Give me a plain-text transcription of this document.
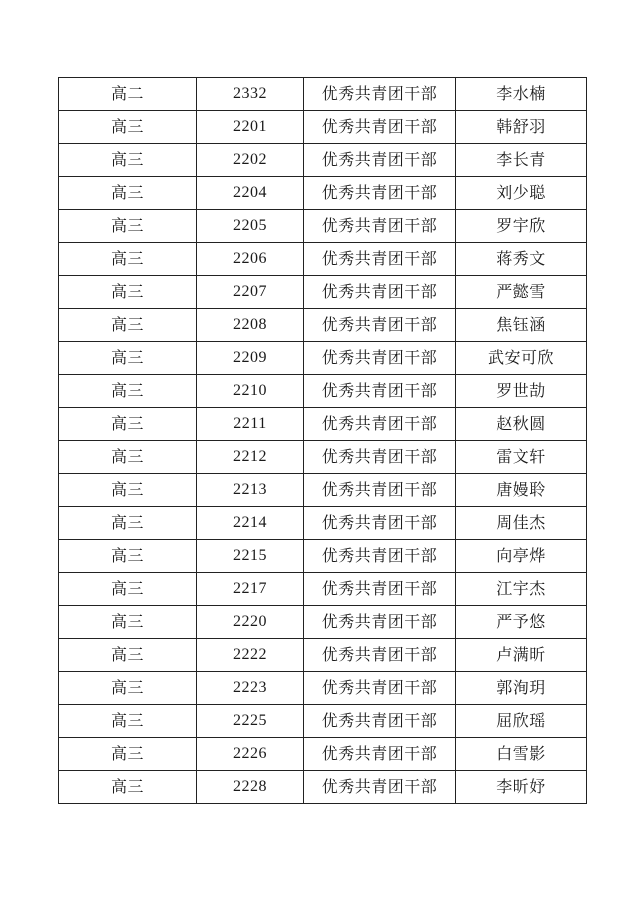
高二	2332	优秀共青团干部	李水楠
高三	2201	优秀共青团干部	韩舒羽
高三	2202	优秀共青团干部	李长青
高三	2204	优秀共青团干部	刘少聪
高三	2205	优秀共青团干部	罗宇欣
高三	2206	优秀共青团干部	蒋秀文
高三	2207	优秀共青团干部	严懿雪
高三	2208	优秀共青团干部	焦钰涵
高三	2209	优秀共青团干部	武安可欣
高三	2210	优秀共青团干部	罗世劼
高三	2211	优秀共青团干部	赵秋圆
高三	2212	优秀共青团干部	雷文轩
高三	2213	优秀共青团干部	唐嫚聆
高三	2214	优秀共青团干部	周佳杰
高三	2215	优秀共青团干部	向亭烨
高三	2217	优秀共青团干部	江宇杰
高三	2220	优秀共青团干部	严予悠
高三	2222	优秀共青团干部	卢满昕
高三	2223	优秀共青团干部	郭洵玥
高三	2225	优秀共青团干部	屈欣瑶
高三	2226	优秀共青团干部	白雪影
高三	2228	优秀共青团干部	李昕妤
